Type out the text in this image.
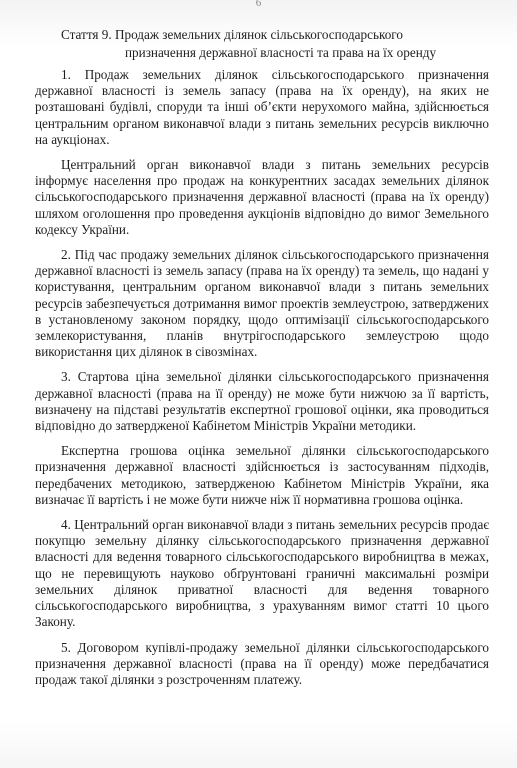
6
Стаття 9. Продаж земельних ділянок сільськогосподарського
призначення державної власності та права на їх оренду

1. Продаж земельних ділянок сільськогосподарського призначення державної власності із земель запасу (права на їх оренду), на яких не розташовані будівлі, споруди та інші об’єкти нерухомого майна, здійснюється центральним органом виконавчої влади з питань земельних ресурсів виключно на аукціонах.

Центральний орган виконавчої влади з питань земельних ресурсів інформує населення про продаж на конкурентних засадах земельних ділянок сільськогосподарського призначення державної власності (права на їх оренду) шляхом оголошення про проведення аукціонів відповідно до вимог Земельного кодексу України.

2. Під час продажу земельних ділянок сільськогосподарського призначення державної власності із земель запасу (права на їх оренду) та земель, що надані у користування, центральним органом виконавчої влади з питань земельних ресурсів забезпечується дотримання вимог проектів землеустрою, затверджених в установленому законом порядку, щодо оптимізації сільськогосподарського землекористування, планів внутрігосподарського землеустрою щодо використання цих ділянок в сівозмінах.

3. Стартова ціна земельної ділянки сільськогосподарського призначення державної власності (права на її оренду) не може бути нижчою за її вартість, визначену на підставі результатів експертної грошової оцінки, яка проводиться відповідно до затвердженої Кабінетом Міністрів України методики.

Експертна грошова оцінка земельної ділянки сільськогосподарського призначення державної власності здійснюється із застосуванням підходів, передбачених методикою, затвердженою Кабінетом Міністрів України, яка визначає її вартість і не може бути нижче ніж її нормативна грошова оцінка.

4. Центральний орган виконавчої влади з питань земельних ресурсів продає покупцю земельну ділянку сільськогосподарського призначення державної власності для ведення товарного сільськогосподарського виробництва в межах, що не перевищують науково обґрунтовані граничні максимальні розміри земельних ділянок приватної власності для ведення товарного сільськогосподарського виробництва, з урахуванням вимог статті 10 цього Закону.

5. Договором купівлі-продажу земельної ділянки сільськогосподарського призначення державної власності (права на її оренду) може передбачатися продаж такої ділянки з розстроченням платежу.
